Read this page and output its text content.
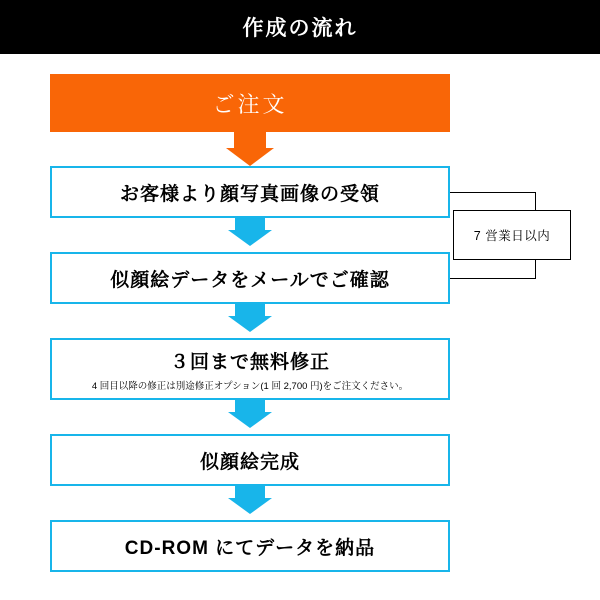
作成の流れ
ご注文
お客様より顔写真画像の受領
似顔絵データをメールでご確認
３回まで無料修正
4 回目以降の修正は別途修正オプション(1 回 2,700 円)をご注文ください。
似顔絵完成
CD-ROM にてデータを納品
7 営業日以内
